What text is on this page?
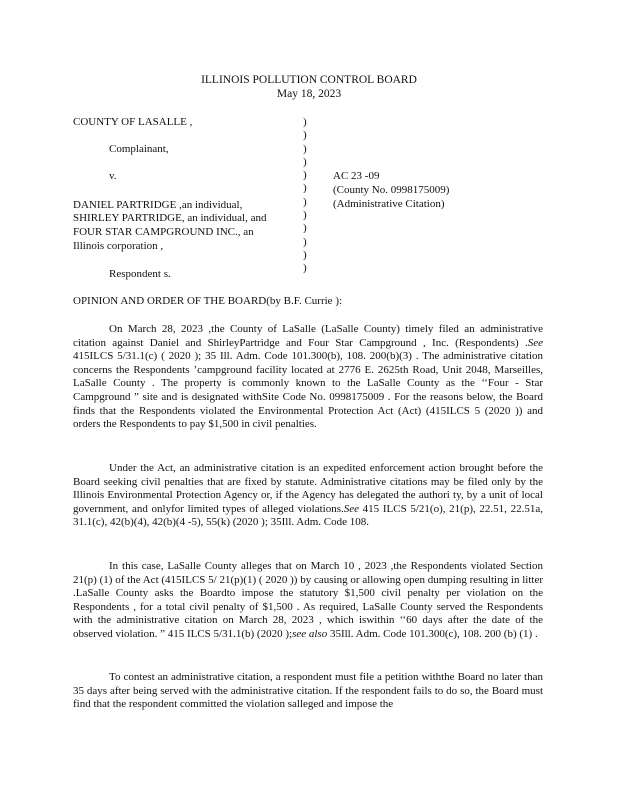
ILLINOIS POLLUTION CONTROL BOARD
May 18, 2023
COUNTY OF LASALLE ,
Complainant,
v.
DANIEL PARTRIDGE ,an individual,
SHIRLEY PARTRIDGE, an individual, and
FOUR STAR CAMPGROUND INC., an
Illinois corporation ,
Respondent s.
)
)
)
)
)
)
)
)
)
)
)
)
AC 23 -09
(County No. 0998175009)
(Administrative Citation)
OPINION AND ORDER OF THE BOARD(by B.F. Currie ):
On March 28, 2023 ,the County of LaSalle (LaSalle County) timely filed an administrative citation against Daniel and ShirleyPartridge and Four Star Campground , Inc. (Respondents) .See 415ILCS 5/31.1(c) ( 2020 ); 35 Ill. Adm. Code 101.300(b), 108. 200(b)(3) . The administrative citation concerns the Respondents ’campground facility located at 2776 E. 2625th Road, Unit 2048, Marseilles, LaSalle County . The property is commonly known to the LaSalle County as the ‘‘Four - Star Campground ” site and is designated withSite Code No. 0998175009 . For the reasons below, the Board finds that the Respondents violated the Environmental Protection Act (Act) (415ILCS 5 (2020 )) and orders the Respondents to pay $1,500 in civil penalties.
Under the Act, an administrative citation is an expedited enforcement action brought before the Board seeking civil penalties that are fixed by statute. Administrative citations may be filed only by the Illinois Environmental Protection Agency or, if the Agency has delegated the authori ty, by a unit of local government, and onlyfor limited types of alleged violations.See 415 ILCS 5/21(o), 21(p), 22.51, 22.51a, 31.1(c), 42(b)(4), 42(b)(4 -5), 55(k) (2020 ); 35Ill. Adm. Code 108.
In this case, LaSalle County alleges that on March 10 , 2023 ,the Respondents violated Section 21(p) (1) of the Act (415ILCS 5/ 21(p)(1) ( 2020 )) by causing or allowing open dumping resulting in litter .LaSalle County asks the Boardto impose the statutory $1,500 civil penalty per violation on the Respondents , for a total civil penalty of $1,500 . As required, LaSalle County served the Respondents with the administrative citation on March 28, 2023 , which iswithin ‘‘60 days after the date of the observed violation. ” 415 ILCS 5/31.1(b) (2020 );see also 35Ill. Adm. Code 101.300(c), 108. 200 (b) (1) .
To contest an administrative citation, a respondent must file a petition withthe Board no later than 35 days after being served with the administrative citation. If the respondent fails to do so, the Board must find that the respondent committed the violation salleged and impose the
